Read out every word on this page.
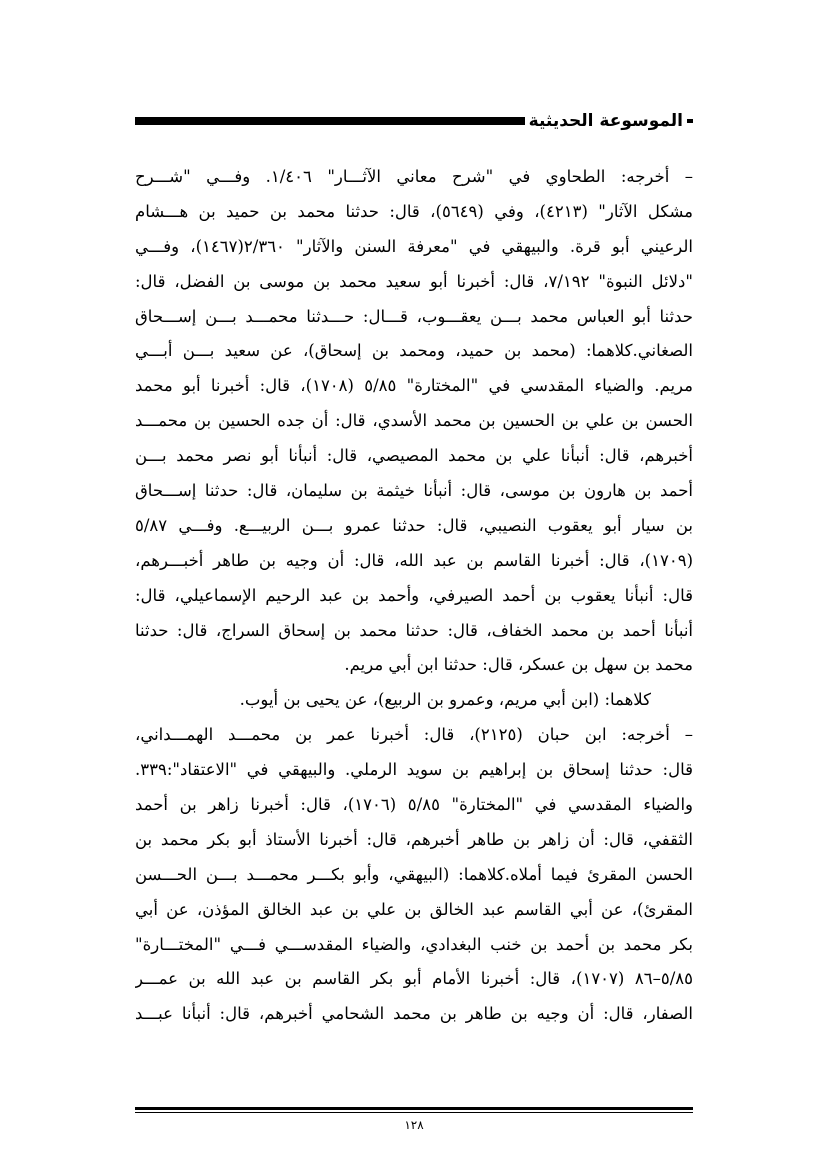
الموسوعة الحديثية
– أخرجه: الطحاوي في "شرح معاني الآثـــار" ١/٤٠٦. وفـــي "شـــرح
مشكل الآثار" (٤٢١٣)، وفي (٥٦٤٩)، قال: حدثنا محمد بن حميد بن هـــشام
الرعيني أبو قرة. والبيهقي في "معرفة السنن والآثار" ٢/٣٦٠(١٤٦٧)، وفـــي
"دلائل النبوة" ٧/١٩٢، قال: أخبرنا أبو سعيد محمد بن موسى بن الفضل، قال:
حدثنا أبو العباس محمد بـــن يعقـــوب، قـــال: حـــدثنا محمـــد بـــن إســـحاق
الصغاني.كلاهما: (محمد بن حميد، ومحمد بن إسحاق)، عن سعيد بـــن أبـــي
مريم. والضياء المقدسي في "المختارة" ٥/٨٥ (١٧٠٨)، قال: أخبرنا أبو محمد
الحسن بن علي بن الحسين بن محمد الأسدي، قال: أن جده الحسين بن محمـــد
أخبرهم، قال: أنبأنا علي بن محمد المصيصي، قال: أنبأنا أبو نصر محمد بـــن
أحمد بن هارون بن موسى، قال: أنبأنا خيثمة بن سليمان، قال: حدثنا إســـحاق
بن سيار أبو يعقوب النصيبي، قال: حدثنا عمرو بـــن الربيـــع. وفـــي ٥/٨٧
(١٧٠٩)، قال: أخبرنا القاسم بن عبد الله، قال: أن وجيه بن طاهر أخبـــرهم،
قال: أنبأنا يعقوب بن أحمد الصيرفي، وأحمد بن عبد الرحيم الإسماعيلي، قال:
أنبأنا أحمد بن محمد الخفاف، قال: حدثنا محمد بن إسحاق السراج، قال: حدثنا
محمد بن سهل بن عسكر، قال: حدثنا ابن أبي مريم.
كلاهما: (ابن أبي مريم، وعمرو بن الربيع)، عن يحيى بن أيوب.
– أخرجه: ابن حبان (٢١٢٥)، قال: أخبرنا عمر بن محمـــد الهمـــداني،
قال: حدثنا إسحاق بن إبراهيم بن سويد الرملي. والبيهقي في "الاعتقاد":٣٣٩.
والضياء المقدسي في "المختارة" ٥/٨٥ (١٧٠٦)، قال: أخبرنا زاهر بن أحمد
الثقفي، قال: أن زاهر بن طاهر أخبرهم، قال: أخبرنا الأستاذ أبو بكر محمد بن
الحسن المقرئ فيما أملاه.كلاهما: (البيهقي، وأبو بكـــر محمـــد بـــن الحـــسن
المقرئ)، عن أبي القاسم عبد الخالق بن علي بن عبد الخالق المؤذن، عن أبي
بكر محمد بن أحمد بن خنب البغدادي، والضياء المقدســـي فـــي "المختـــارة"
٥/٨٥–٨٦ (١٧٠٧)، قال: أخبرنا الأمام أبو بكر القاسم بن عبد الله بن عمـــر
الصفار، قال: أن وجيه بن طاهر بن محمد الشحامي أخبرهم، قال: أنبأنا عبـــد
١٢٨
